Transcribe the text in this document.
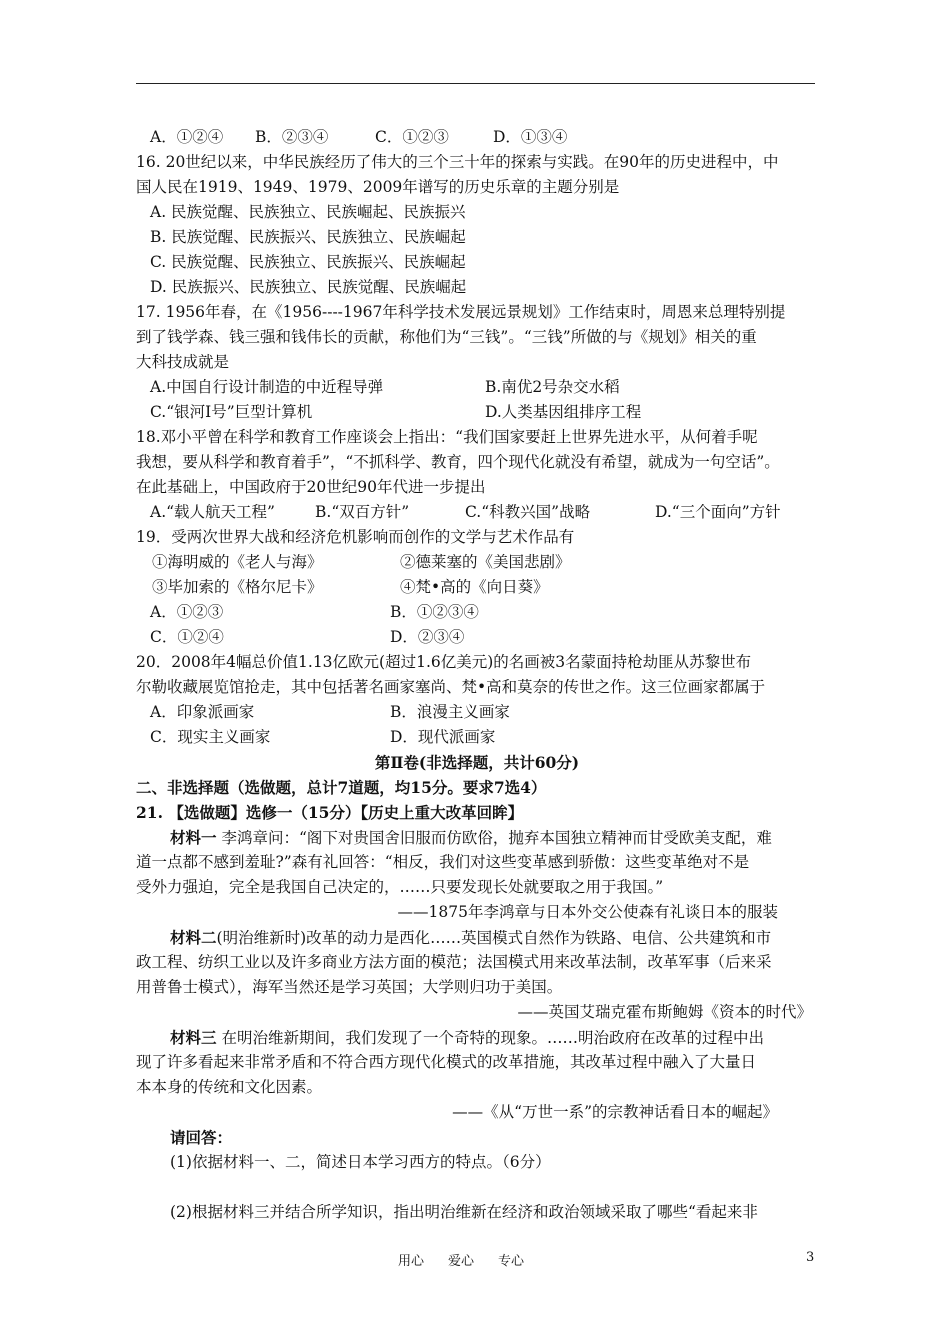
A．①②④ B．②③④	C．①②③	D．①③④
16. 20世纪以来，中华民族经历了伟大的三个三十年的探索与实践。在90年的历史进程中，中
国人民在1919、1949、1979、2009年谱写的历史乐章的主题分别是
A. 民族觉醒、民族独立、民族崛起、民族振兴
B. 民族觉醒、民族振兴、民族独立、民族崛起
C. 民族觉醒、民族独立、民族振兴、民族崛起
D. 民族振兴、民族独立、民族觉醒、民族崛起
17. 1956年春，在《1956----1967年科学技术发展远景规划》工作结束时，周恩来总理特别提
到了钱学森、钱三强和钱伟长的贡献，称他们为“三钱”。“三钱”所做的与《规划》相关的重
大科技成就是
A.中国自行设计制造的中近程导弹	B.南优2号杂交水稻
C.“银河Ⅰ号”巨型计算机	D.人类基因组排序工程
18.邓小平曾在科学和教育工作座谈会上指出：“我们国家要赶上世界先进水平，从何着手呢
我想，要从科学和教育着手”，“不抓科学、教育，四个现代化就没有希望，就成为一句空话”。
在此基础上，中国政府于20世纪90年代进一步提出
A.“载人航天工程”	B.“双百方针”	C.“科教兴国”战略	D.“三个面向”方针
19．受两次世界大战和经济危机影响而创作的文学与艺术作品有
①海明威的《老人与海》	②德莱塞的《美国悲剧》
③毕加索的《格尔尼卡》	④梵•高的《向日葵》
A．①②③	B．①②③④
C．①②④	D．②③④
20．2008年4幅总价值1.13亿欧元(超过1.6亿美元)的名画被3名蒙面持枪劫匪从苏黎世布
尔勒收藏展览馆抢走，其中包括著名画家塞尚、梵•高和莫奈的传世之作。这三位画家都属于
A．印象派画家	B．浪漫主义画家
C．现实主义画家	D．现代派画家
第Ⅱ卷(非选择题，共计60分)
二、非选择题（选做题，总计7道题，均15分。要求7选4）
21. 【选做题】选修一（15分）【历史上重大改革回眸】
材料一 李鸿章问：“阁下对贵国舍旧服而仿欧俗，抛弃本国独立精神而甘受欧美支配，难
道一点都不感到羞耻?”森有礼回答：“相反，我们对这些变革感到骄傲：这些变革绝对不是
受外力强迫，完全是我国自己决定的，……只要发现长处就要取之用于我国。”
——1875年李鸿章与日本外交公使森有礼谈日本的服装
材料二(明治维新时)改革的动力是西化……英国模式自然作为铁路、电信、公共建筑和市
政工程、纺织工业以及许多商业方法方面的模范；法国模式用来改革法制，改革军事（后来采
用普鲁士模式），海军当然还是学习英国；大学则归功于美国。
——英国艾瑞克霍布斯鲍姆《资本的时代》
材料三 在明治维新期间，我们发现了一个奇特的现象。……明治政府在改革的过程中出
现了许多看起来非常矛盾和不符合西方现代化模式的改革措施，其改革过程中融入了大量日
本本身的传统和文化因素。
——《从“万世一系”的宗教神话看日本的崛起》
请回答：
(1)依据材料一、二，简述日本学习西方的特点。（6分）
(2)根据材料三并结合所学知识，指出明治维新在经济和政治领域采取了哪些“看起来非
用心 爱心 专心	3
